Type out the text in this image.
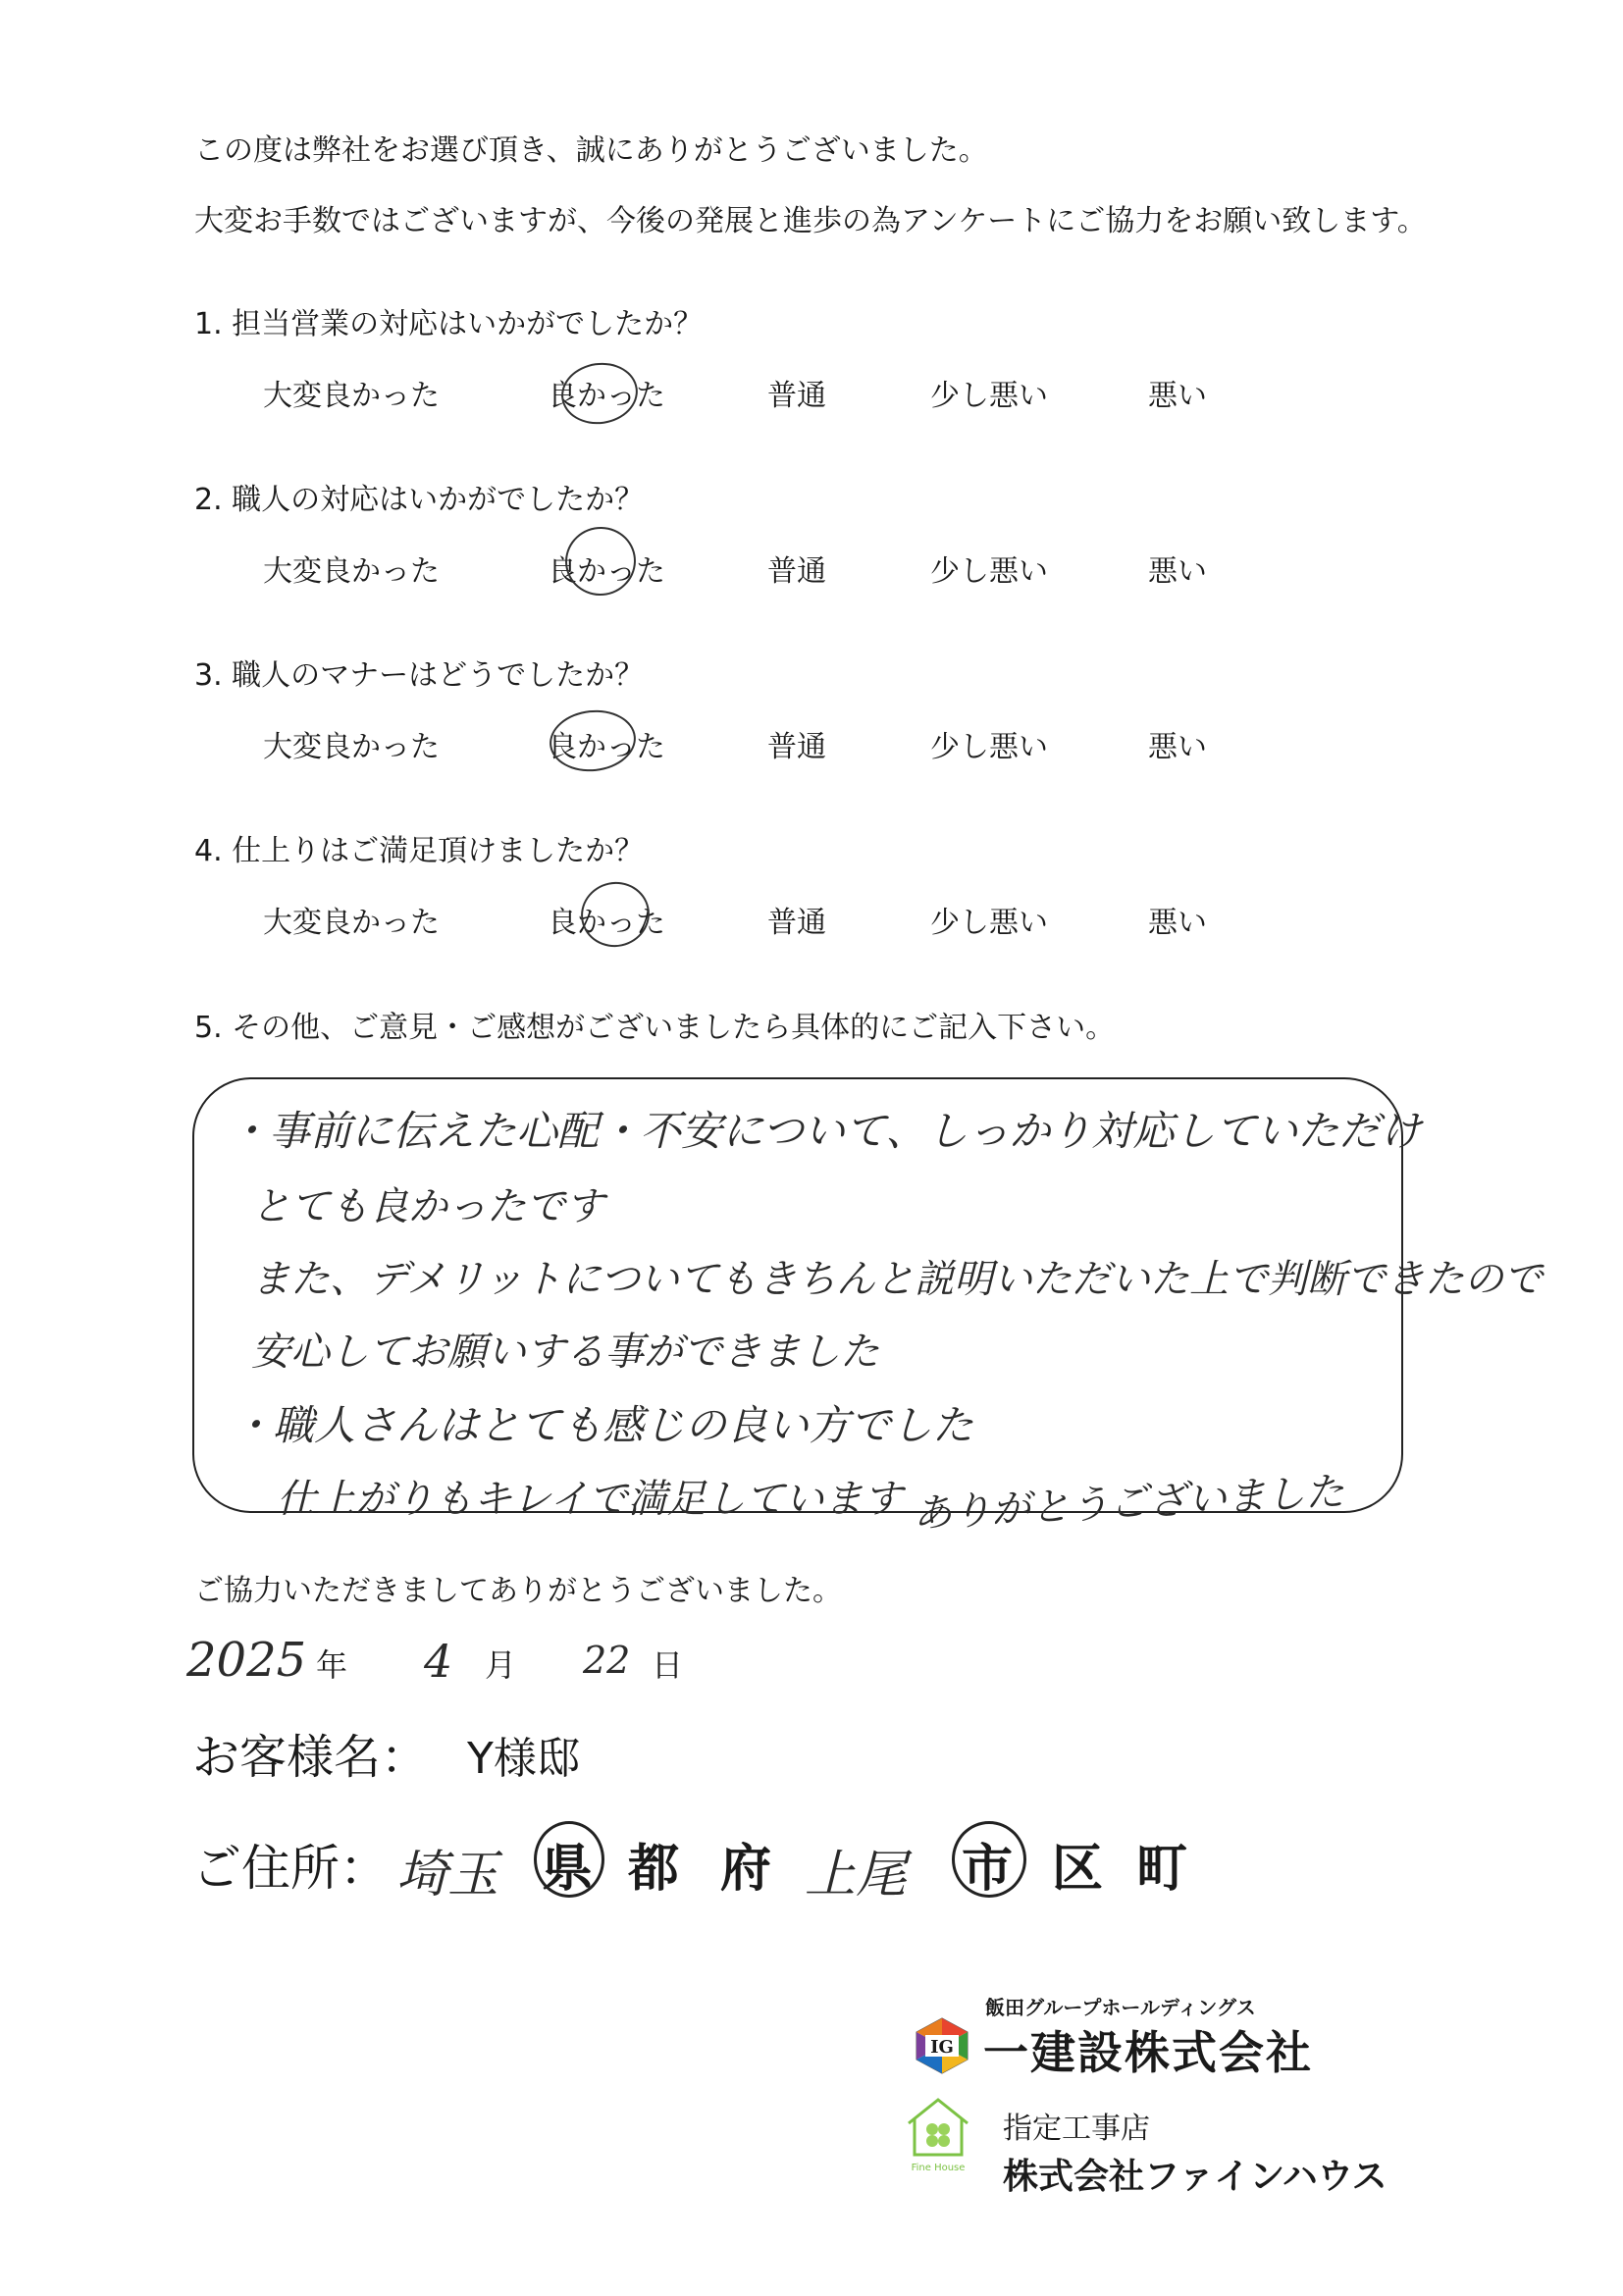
この度は弊社をお選び頂き、誠にありがとうございました。
大変お手数ではございますが、今後の発展と進歩の為アンケートにご協力をお願い致します。
1. 担当営業の対応はいかがでしたか？
大変良かった	良かった	普通	少し悪い	悪い
2. 職人の対応はいかがでしたか？
大変良かった	良かった	普通	少し悪い	悪い
3. 職人のマナーはどうでしたか？
大変良かった	良かった	普通	少し悪い	悪い
4. 仕上りはご満足頂けましたか？
大変良かった	良かった	普通	少し悪い	悪い
5. その他、ご意見・ご感想がございましたら具体的にご記入下さい。
・事前に伝えた心配・不安について、しっかり対応していただけ
とても良かったです
また、デメリットについてもきちんと説明いただいた上で判断できたので
安心してお願いする事ができました
・職人さんはとても感じの良い方でした
仕上がりもキレイで満足しています ありがとうございました
ご協力いただきましてありがとうございました。
2025 年 4 月 22 日
お客様名： Y様邸
ご住所： 埼玉 県 都 府 上尾 市 区 町
飯田グループホールディングス
IG 一建設株式会社
Fine House
指定工事店
株式会社ファインハウス
